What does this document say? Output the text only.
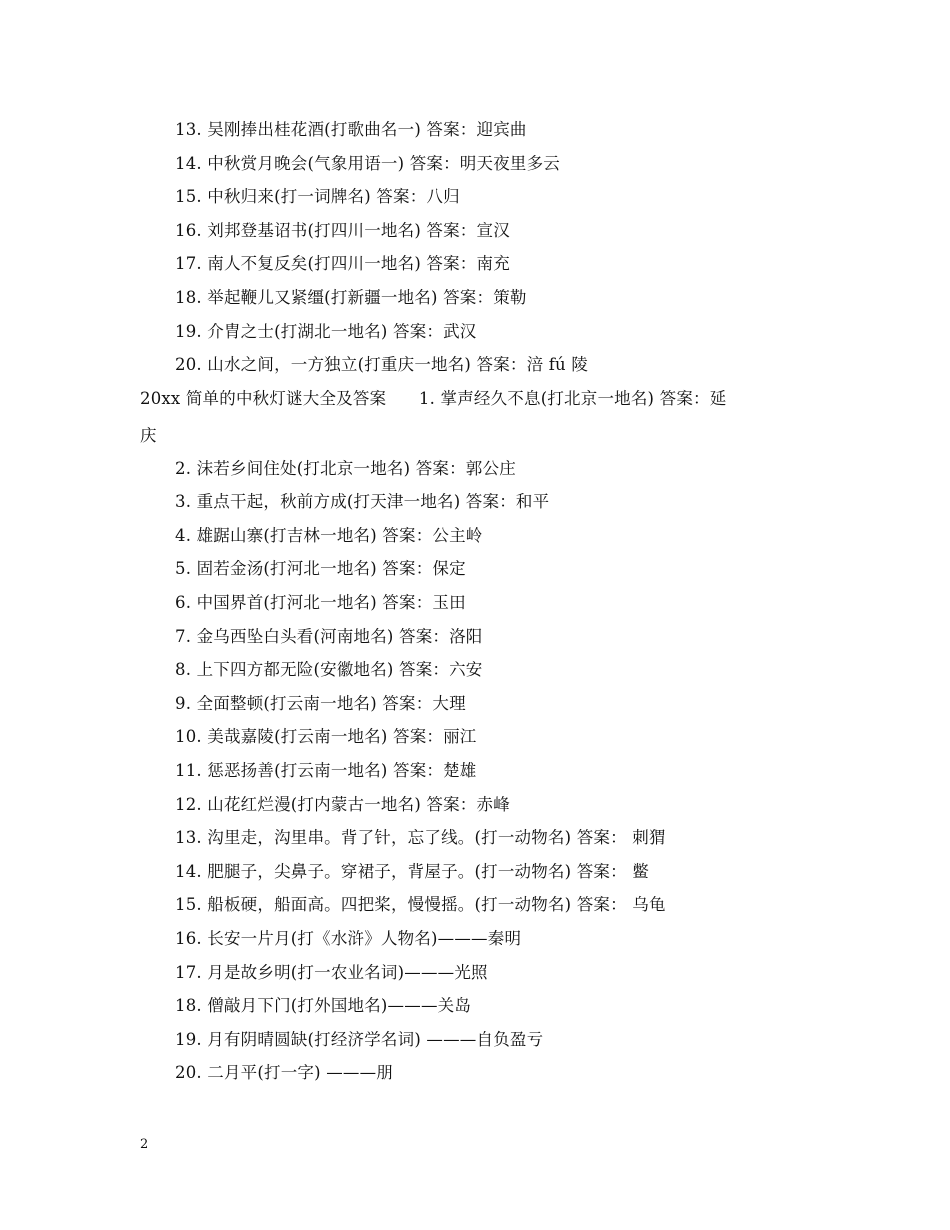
13. 吴刚捧出桂花酒(打歌曲名一) 答案：迎宾曲
14. 中秋赏月晚会(气象用语一) 答案：明天夜里多云
15. 中秋归来(打一词牌名) 答案：八归
16. 刘邦登基诏书(打四川一地名) 答案：宣汉
17. 南人不复反矣(打四川一地名) 答案：南充
18. 举起鞭儿又紧缰(打新疆一地名) 答案：策勒
19. 介胄之士(打湖北一地名) 答案：武汉
20. 山水之间，一方独立(打重庆一地名) 答案：涪 fú 陵
20xx 简单的中秋灯谜大全及答案      1. 掌声经久不息(打北京一地名) 答案：延
庆
2. 沫若乡间住处(打北京一地名) 答案：郭公庄
3. 重点干起，秋前方成(打天津一地名) 答案：和平
4. 雄踞山寨(打吉林一地名) 答案：公主岭
5. 固若金汤(打河北一地名) 答案：保定
6. 中国界首(打河北一地名) 答案：玉田
7. 金乌西坠白头看(河南地名) 答案：洛阳
8. 上下四方都无险(安徽地名) 答案：六安
9. 全面整顿(打云南一地名) 答案：大理
10. 美哉嘉陵(打云南一地名) 答案：丽江
11. 惩恶扬善(打云南一地名) 答案：楚雄
12. 山花红烂漫(打内蒙古一地名) 答案：赤峰
13. 沟里走，沟里串。背了针，忘了线。(打一动物名) 答案： 刺猬
14. 肥腿子，尖鼻子。穿裙子，背屋子。(打一动物名) 答案： 鳖
15. 船板硬，船面高。四把桨，慢慢摇。(打一动物名) 答案： 乌龟
16. 长安一片月(打《水浒》人物名)———秦明
17. 月是故乡明(打一农业名词)———光照
18. 僧敲月下门(打外国地名)———关岛
19. 月有阴晴圆缺(打经济学名词) ———自负盈亏
20. 二月平(打一字) ———朋
2
